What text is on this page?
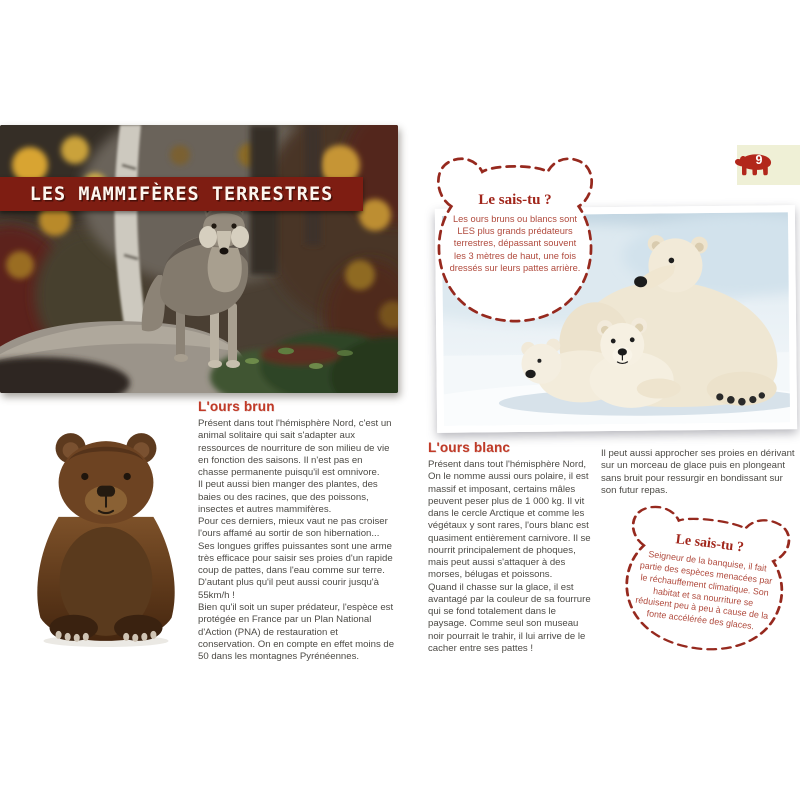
LES MAMMIFÈRES TERRESTRES
L'ours brun

Présent dans tout l'hémisphère Nord, c'est un animal solitaire qui sait s'adapter aux ressources de nourriture de son milieu de vie en fonction des saisons. Il n'est pas en chasse permanente puisqu'il est omnivore.

Il peut aussi bien manger des plantes, des baies ou des racines, que des poissons, insectes et autres mammifères.

Pour ces derniers, mieux vaut ne pas croiser l'ours affamé au sortir de son hibernation...

Ses longues griffes puissantes sont une arme très efficace pour saisir ses proies d'un rapide coup de pattes, dans l'eau comme sur terre. D'autant plus qu'il peut aussi courir jusqu'à 55km/h !

Bien qu'il soit un super prédateur, l'espèce est protégée en France par un Plan National d'Action (PNA) de restauration et conservation. On en compte en effet moins de 50 dans les montagnes Pyrénéennes.

9
Le sais-tu ?
Les ours bruns ou blancs sont LES plus grands prédateurs terrestres, dépassant souvent les 3 mètres de haut, une fois dressés sur leurs pattes arrière.
L'ours blanc

Présent dans tout l'hémisphère Nord, On le nomme aussi ours polaire, il est massif et imposant, certains mâles peuvent peser plus de 1 000 kg. Il vit dans le cercle Arctique et comme les végétaux y sont rares, l'ours blanc est quasiment entièrement carnivore. Il se nourrit principalement de phoques, mais peut aussi s'attaquer à des morses, bélugas et poissons.

Quand il chasse sur la glace, il est avantagé par la couleur de sa fourrure qui se fond totalement dans le paysage. Comme seul son museau noir pourrait le trahir, il lui arrive de le cacher entre ses pattes !

Il peut aussi approcher ses proies en dérivant sur un morceau de glace puis en plongeant sans bruit pour ressurgir en bondissant sur son futur repas.

Le sais-tu ?
Seigneur de la banquise, il fait partie des espèces menacées par le réchauffement climatique. Son habitat et sa nourriture se réduisent peu à peu à cause de la fonte accélérée des glaces.
